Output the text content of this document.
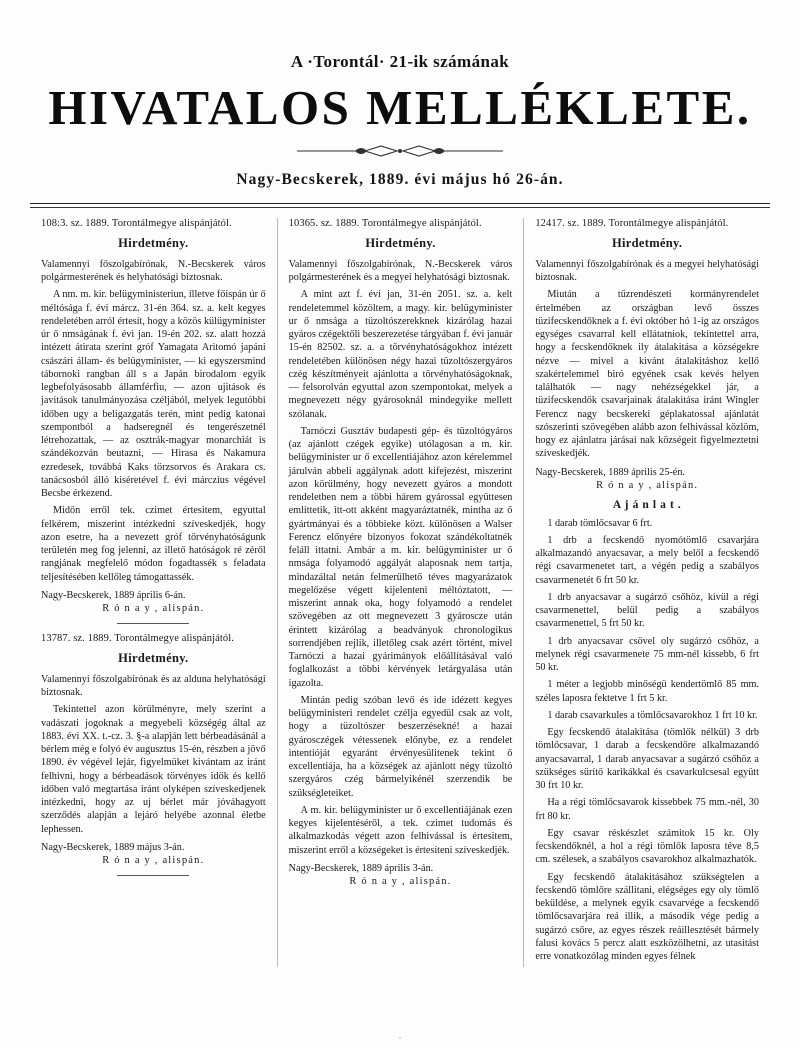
A ·Torontál· 21-ik számának
HIVATALOS MELLÉKLETE.
Nagy-Becskerek, 1889. évi május hó 26-án.

108:3. sz. 1889. Torontálmegye alispánjától.

Hirdetmény.

Valamennyi főszolgabírónak, N.-Becskerek város polgármesterének és helyhatósági biztosnak.

A nm. m. kir. belügyministeriun, illetve főispán úr ő méltósága f. évi márcz. 31-én 364. sz. a. kelt kegyes rendeletében arról értesít, hogy a közös külügyminister úr ő nmságának f. évi jan. 19-én 202. sz. alatt hozzá intézett átirata szerint gróf Yamagata Aritomó japáni császári állam- és belügyminister, — ki egyszersmind tábornoki rangban áll s a Japán birodalom egyik legbefolyásosabb államférfiu, — azon ujitások és javitások tanulmányozása czéljából, melyek legutóbbi időben ugy a beligazgatás terén, mint pedig katonai szempontból a hadseregnél és tengerészetnél létrehozattak, — az osztrák-magyar monarchiát is szándékozván beutazni, — Hirasa és Nakamura ezredesek, továbbá Kaks törzsorvos és Arakara cs. tanácsosból álló kiséretével f. évi márczius végével Becsbe érkezend.

Midőn erről tek. czimet értesitem, egyuttal felkérem, miszerint intézkedni szíveskedjék, hogy azon esetre, ha a nevezett gróf törvényhatóságunk területén meg fog jelenni, az illető hatóságok ré zéről rangjának megfelelő módon fogadtassék s feladata teljesítésében kellőleg támogattassék.

Nagy-Becskerek, 1889 április 6-án.

R ó n a y , alispán.

13787. sz. 1889. Torontálmegye alispánjától.

Hirdetmény.

Valamennyi főszolgabírónak és az alduna helyhatósági biztosnak.

Tekintettel azon körülményre, mely szerint a vadászati jogoknak a megyebeli községég által az 1883. évi XX. t.-cz. 3. §-a alapján lett bérbeadásánál a bérlem még e folyó év augusztus 15-én, részben a jövő 1890. év végével lejár, figyelmüket kivántam az iránt felhivni, hogy a bérbeadások törvényes idők és kellő időben való megtartása iránt olyképen szíveskedjenek intézkedni, hogy az uj bérlet már jóváhagyott szerződés alapján a lejáró helyébe azonnal életbe lephessen.

Nagy-Becskerek, 1889 május 3-án.

R ó n a y , alispán.

10365. sz. 1889. Torontálmegye alispánjától.

Hirdetmény.

Valamennyi főszolgabírónak, N.-Becskerek város polgármesterének és a megyei helyhatósági biztosnak.

A mint azt f. évi jan, 31-én 2051. sz. a. kelt rendeletemmel közöltem, a magy. kir. belügyminister ur ő nmsága a tüzoltószerekknek kizárólag hazai gyáros czégektőli beszerezetése tárgyában f. évi január 15-én 82502. sz. a. a törvényhatóságokhoz intézett rendeletében különösen négy hazai tüzoltószergyáros czég készítményeit ajánlotta a törvényhatóságoknak, — felsorolván egyuttal azon szempontokat, melyek a megnevezett négy gyárosoknál mindegyike mellett szólanak.

Tarnóczi Gusztáv budapesti gép- és tüzoltógyáros (az ajánlott czégek egyike) utólagosan a m. kir. belügyminister ur ő excellentiájához azon kérelemmel járulván abbeli aggálynak adott kifejezést, miszerint azon körülmény, hogy nevezett gyáros a mondott rendeletben nem a többi hárem gyárossal együttesen emlittetik, itt-ott akként magyaráztatnék, mintha az ő gyártmányai és a többieke közt. különösen a Walser Ferencz előnyére bizonyos fokozat szándékoltatnék feláll ittatni. Ambár a m. kir. belügyminister ur ő nmsága folyamodó aggályát alaposnak nem tartja, mindazáltal netán felmerülhető téves magyarázatok megelőzése végett kijelenteni méltóztatott, — miszerint annak oka, hogy folyamodó a rendelet szövegében az ott megnevezett 3 gyároscze után érintett kizárólag a beadványok chronologikus sorrendjében rejlik, illetőleg csak azért történt, mivel Tarnóczi a hazai gyárimányok előállításával való foglalkozást a többi kérvények letárgyalása után igazolta.

Mintán pedig szóban levő és ide idézett kegyes belügyministeri rendelet czélja egyedül csak az volt, hogy a tüzoltószer beszerzésekné! a hazai gyárosczégek vétessenek előnybe, ez a rendelet intentióját egyaránt érvényesülitenek tekint ő excellentiája, ha a községek az ajánlott négy tüzoltó szergyáros czég bármelyikénél szerzendik be szükségleteiket.

A m. kir. belügyminister ur ő excellentiájának ezen kegyes kijelentéséről, a tek. czimet tudomás és alkalmazkodás végett azon felhivással is értesitem, miszerint erről a községeket is értesíteni szíveskedjék.

Nagy-Becskerek, 1889 április 3-án.

R ó n a y , alispán.

12417. sz. 1889. Torontálmegye alispánjától.

Hirdetmény.

Valamennyi főszolgabírónak és a megyei helyhatósági biztosnak.

Miután a tűzrendészeti kormányrendelet értelmében az országban levő összes tüzifecskendőknek a f. évi október hó 1-ig az országos egységes csavarral kell ellátatniok, tekintettel arra, hogy a fecskendőknek ily átalakitása a községekre nézve — mivel a kivánt átalakitáshoz kellő szakértelemmel biró egyének csak kevés helyen találhatók — nagy nehézségekkel jár, a tüzifecskendők csavarjainak átalakitása iránt Wingler Ferencz nagy becskereki géplakatossal ajánlatát szószerinti szövegében alább azon felhivással közlöm, hogy ez ajánlatra járásai nak községeit figyelmeztetni szíveskedjék.

Nagy-Becskerek, 1889 április 25-én.

R ó n a y , alispán.

A j á n l a t .

1 darab tömlőcsavar 6 frt.

1 drb a fecskendő nyomótömlő csavarjára alkalmazandó anyacsavar, a mely belől a fecskendő régi csavarmenetet tart, a végén pedig a szabályos csavarmenetét 6 frt 50 kr.

1 drb anyacsavar a sugárzó csőhöz, kivül a régi csavarmenettel, belül pedig a szabályos csavarmenettel, 5 frt 50 kr.

1 drb anyacsavar csövel oly sugárzó csőhöz, a melynek régi csavarmenete 75 mm-nél kissebb, 6 frt 50 kr.

1 méter a legjobb minőségü kendertömlő 85 mm. széles laposra fektetve 1 frt 5 kr.

1 darab csavarkules a tömlőcsavarokhoz 1 frt 10 kr.

Egy fecskendő átalakitása (tömlők nélkül) 3 drb tömlőcsavar, 1 darab a fecskendőre alkalmazandó anyacsavarral, 1 darab anyacsavar a sugárzó csőhöz a szükséges sürítő karikákkal és csavarkulcsesal együtt 30 frt 10 kr.

Ha a régi tömlőcsavarok kissebbek 75 mm.-nél, 30 frt 80 kr.

Egy csavar réskészlet számitok 15 kr. Oly fecskendőknél, a hol a régi tömlők laposra téve 8,5 cm. szélesek, a szabályos csavarokhoz alkalmazhatók.

Egy fecskendő átalakitásához szükségtelen a fecskendő tömlőre szállitani, elégséges egy oly tömlő beküldése, a melynek egyik csavarvége a fecskendő tömlőcsavarjára reá illik, a második vége pedig a sugárzó csőre, az egyes részek reáillesztését bármely falusi kovács 5 percz alatt eszközölhetni, az utasitást erre vonatkozólag minden egyes félnek

·
